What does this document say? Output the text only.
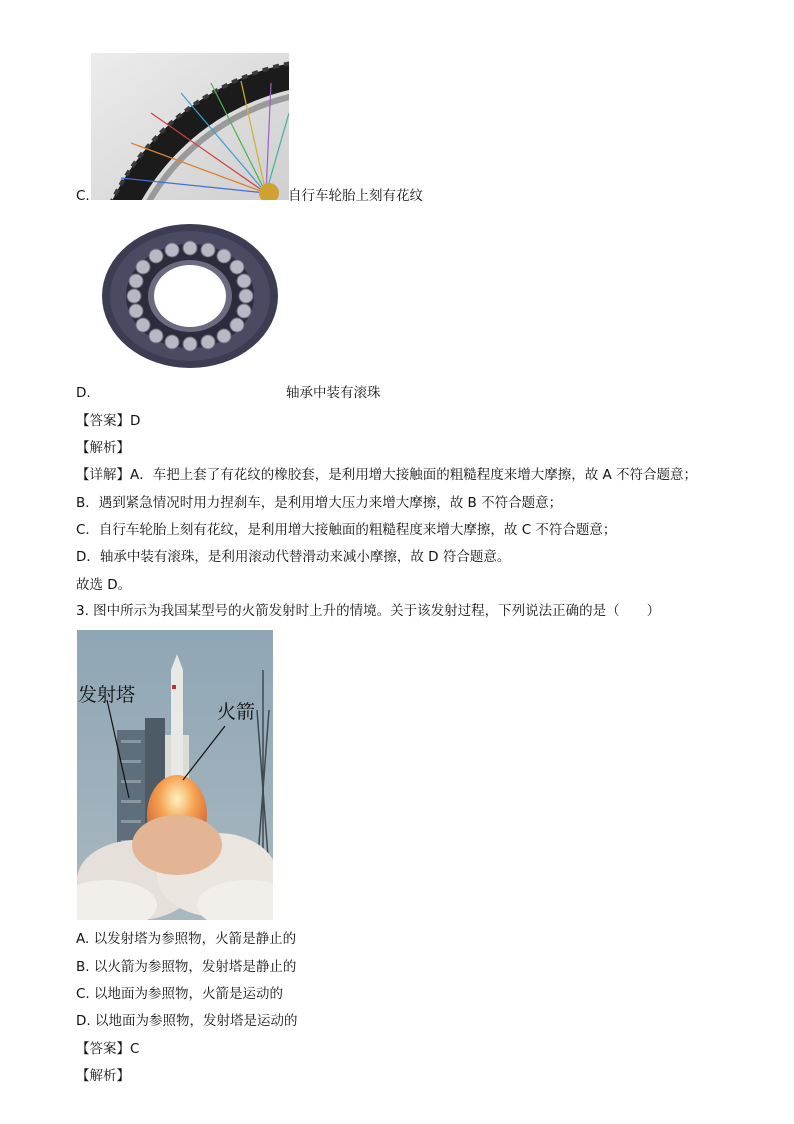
C.	自行车轮胎上刻有花纹
D.	轴承中装有滚珠
【答案】D
【解析】
【详解】A．车把上套了有花纹的橡胶套，是利用增大接触面的粗糙程度来增大摩擦，故 A 不符合题意；
B．遇到紧急情况时用力捏刹车，是利用增大压力来增大摩擦，故 B 不符合题意；
C．自行车轮胎上刻有花纹，是利用增大接触面的粗糙程度来增大摩擦，故 C 不符合题意；
D．轴承中装有滚珠，是利用滚动代替滑动来减小摩擦，故 D 符合题意。
故选 D。
3. 图中所示为我国某型号的火箭发射时上升的情境。关于该发射过程，下列说法正确的是（　　）
发射塔
火箭
A. 以发射塔为参照物，火箭是静止的
B. 以火箭为参照物，发射塔是静止的
C. 以地面为参照物，火箭是运动的
D. 以地面为参照物，发射塔是运动的
【答案】C
【解析】
